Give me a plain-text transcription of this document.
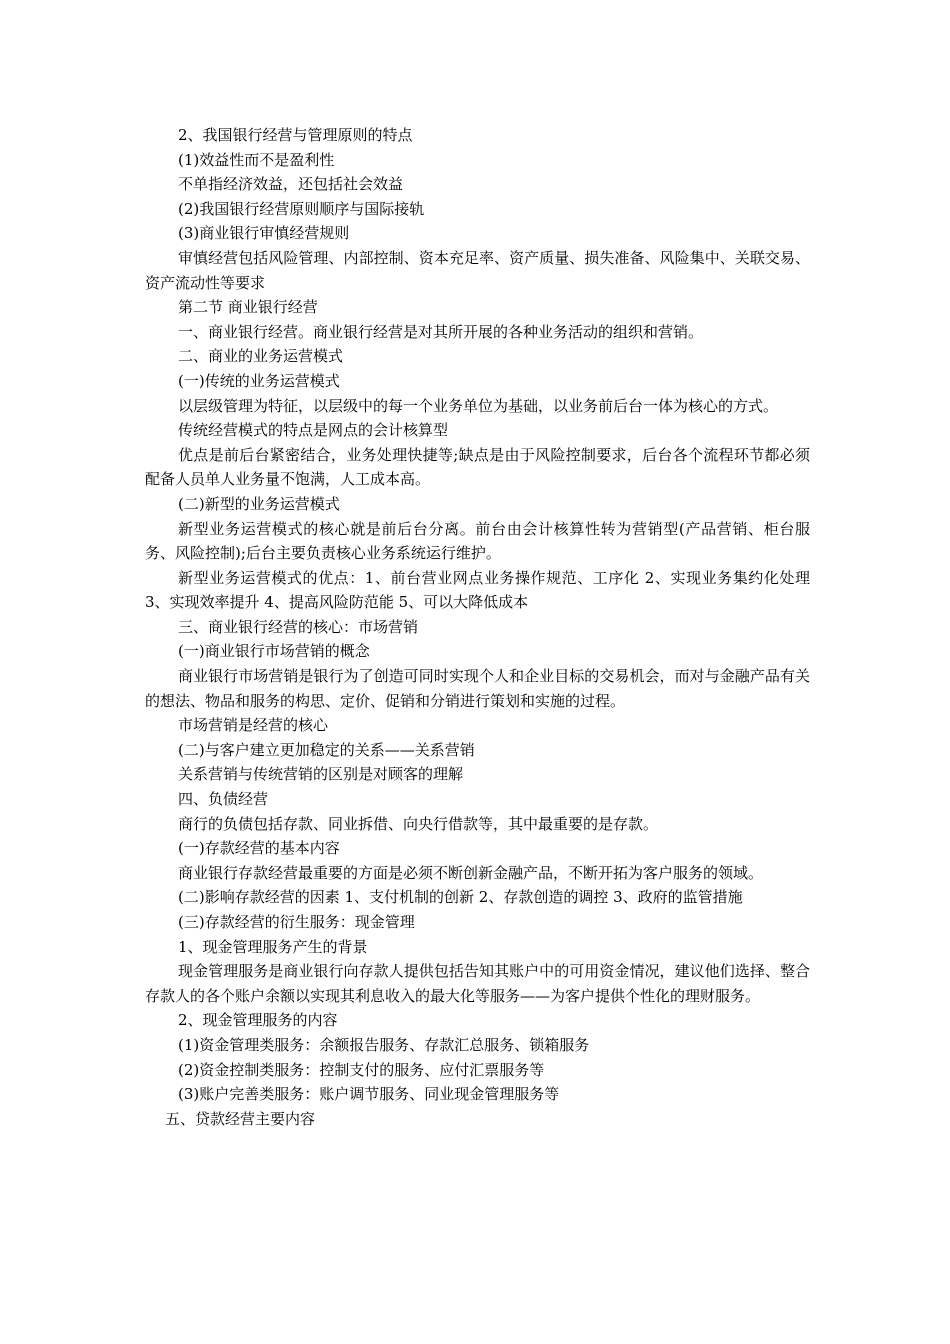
2、我国银行经营与管理原则的特点

(1)效益性而不是盈利性

不单指经济效益，还包括社会效益

(2)我国银行经营原则顺序与国际接轨

(3)商业银行审慎经营规则

审慎经营包括风险管理、内部控制、资本充足率、资产质量、损失准备、风险集中、关联交易、资产流动性等要求

第二节 商业银行经营

一、商业银行经营。商业银行经营是对其所开展的各种业务活动的组织和营销。

二、商业的业务运营模式

(一)传统的业务运营模式

以层级管理为特征，以层级中的每一个业务单位为基础，以业务前后台一体为核心的方式。

传统经营模式的特点是网点的会计核算型

优点是前后台紧密结合，业务处理快捷等;缺点是由于风险控制要求，后台各个流程环节都必须配备人员单人业务量不饱满，人工成本高。

(二)新型的业务运营模式

新型业务运营模式的核心就是前后台分离。前台由会计核算性转为营销型(产品营销、柜台服务、风险控制);后台主要负责核心业务系统运行维护。

新型业务运营模式的优点：1、前台营业网点业务操作规范、工序化 2、实现业务集约化处理 3、实现效率提升 4、提高风险防范能 5、可以大降低成本

三、商业银行经营的核心：市场营销

(一)商业银行市场营销的概念

商业银行市场营销是银行为了创造可同时实现个人和企业目标的交易机会，而对与金融产品有关的想法、物品和服务的构思、定价、促销和分销进行策划和实施的过程。

市场营销是经营的核心

(二)与客户建立更加稳定的关系——关系营销

关系营销与传统营销的区别是对顾客的理解

四、负债经营

商行的负债包括存款、同业拆借、向央行借款等，其中最重要的是存款。

(一)存款经营的基本内容

商业银行存款经营最重要的方面是必须不断创新金融产品，不断开拓为客户服务的领域。

(二)影响存款经营的因素 1、支付机制的创新 2、存款创造的调控 3、政府的监管措施

(三)存款经营的衍生服务：现金管理

1、现金管理服务产生的背景

现金管理服务是商业银行向存款人提供包括告知其账户中的可用资金情况，建议他们选择、整合存款人的各个账户余额以实现其利息收入的最大化等服务——为客户提供个性化的理财服务。

2、现金管理服务的内容

(1)资金管理类服务：余额报告服务、存款汇总服务、锁箱服务

(2)资金控制类服务：控制支付的服务、应付汇票服务等

(3)账户完善类服务：账户调节服务、同业现金管理服务等

五、贷款经营主要内容
